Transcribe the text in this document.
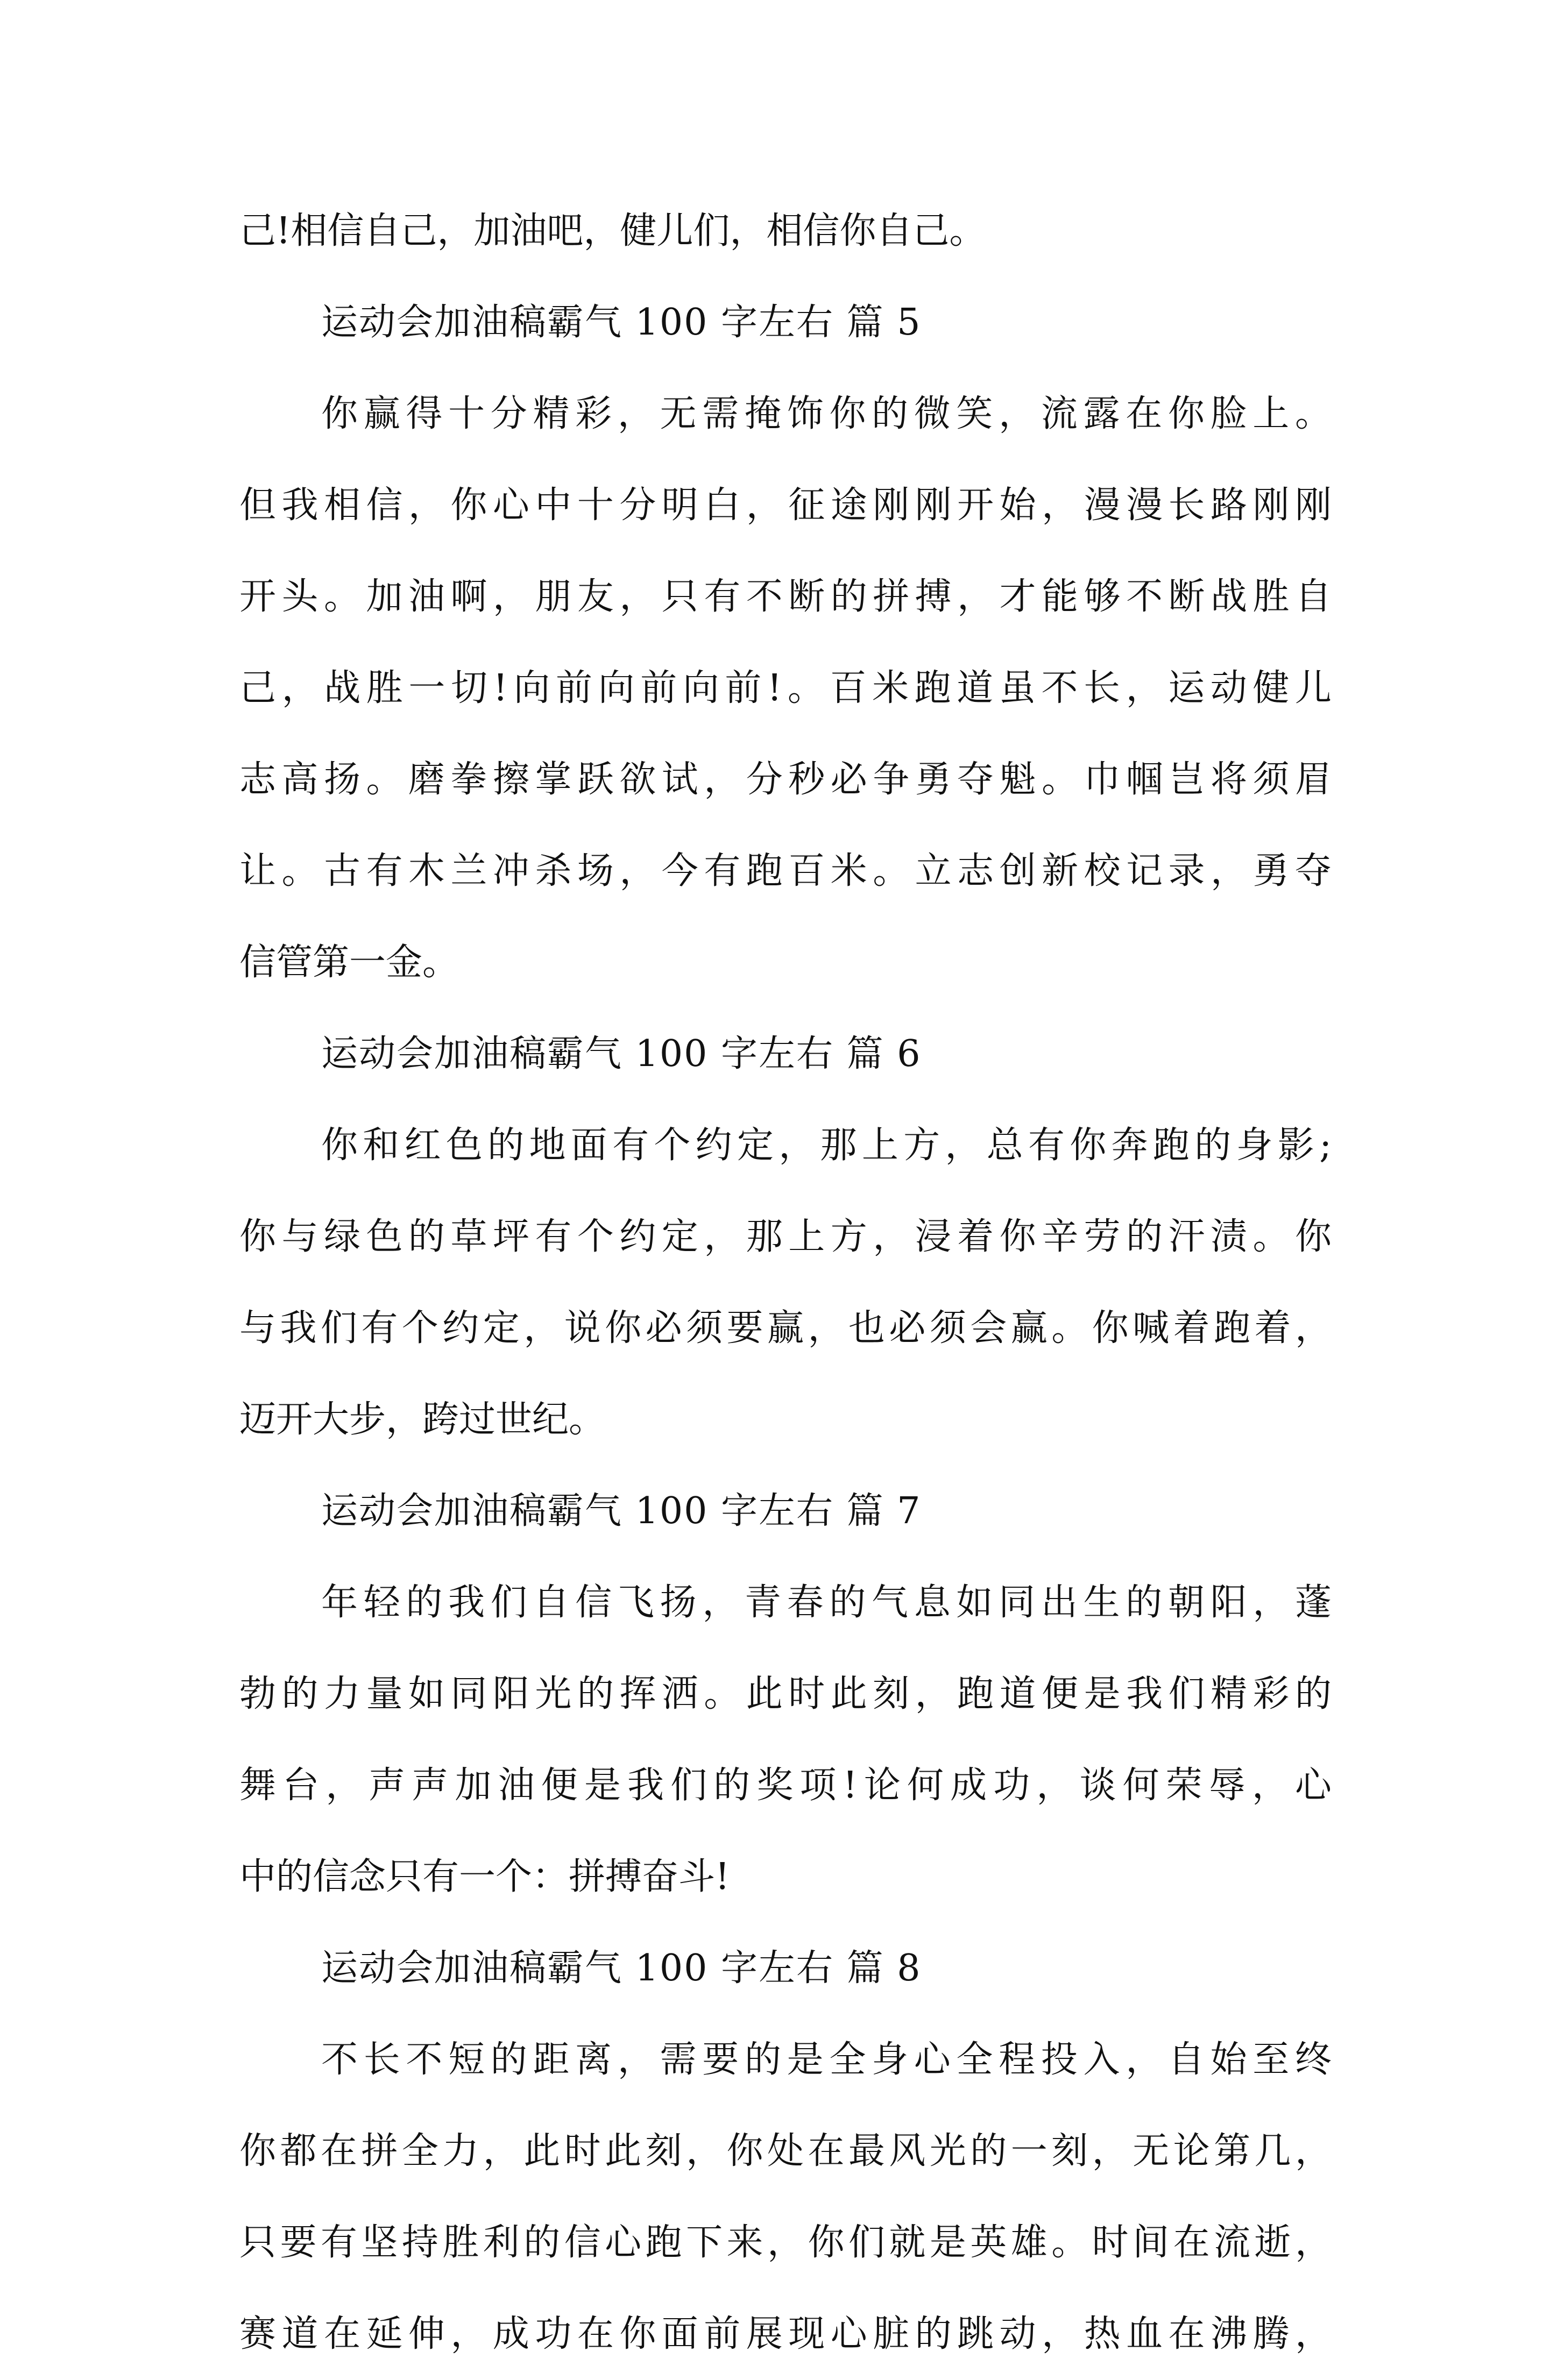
己!相信自己，加油吧，健儿们，相信你自己。
运动会加油稿霸气 100 字左右 篇 5
你赢得十分精彩，无需掩饰你的微笑，流露在你脸上。
但我相信，你心中十分明白，征途刚刚开始，漫漫长路刚刚
开头。加油啊，朋友，只有不断的拼搏，才能够不断战胜自
己，战胜一切!向前向前向前!。百米跑道虽不长，运动健儿
志高扬。磨拳擦掌跃欲试，分秒必争勇夺魁。巾帼岂将须眉
让。古有木兰冲杀场，今有跑百米。立志创新校记录，勇夺
信管第一金。
运动会加油稿霸气 100 字左右 篇 6
你和红色的地面有个约定，那上方，总有你奔跑的身影;
你与绿色的草坪有个约定，那上方，浸着你辛劳的汗渍。你
与我们有个约定，说你必须要赢，也必须会赢。你喊着跑着，
迈开大步，跨过世纪。
运动会加油稿霸气 100 字左右 篇 7
年轻的我们自信飞扬，青春的气息如同出生的朝阳，蓬
勃的力量如同阳光的挥洒。此时此刻，跑道便是我们精彩的
舞台，声声加油便是我们的奖项!论何成功，谈何荣辱，心
中的信念只有一个：拼搏奋斗!
运动会加油稿霸气 100 字左右 篇 8
不长不短的距离，需要的是全身心全程投入，自始至终
你都在拼全力，此时此刻，你处在最风光的一刻，无论第几，
只要有坚持胜利的信心跑下来，你们就是英雄。时间在流逝，
赛道在延伸，成功在你面前展现心脏的跳动，热血在沸腾，
